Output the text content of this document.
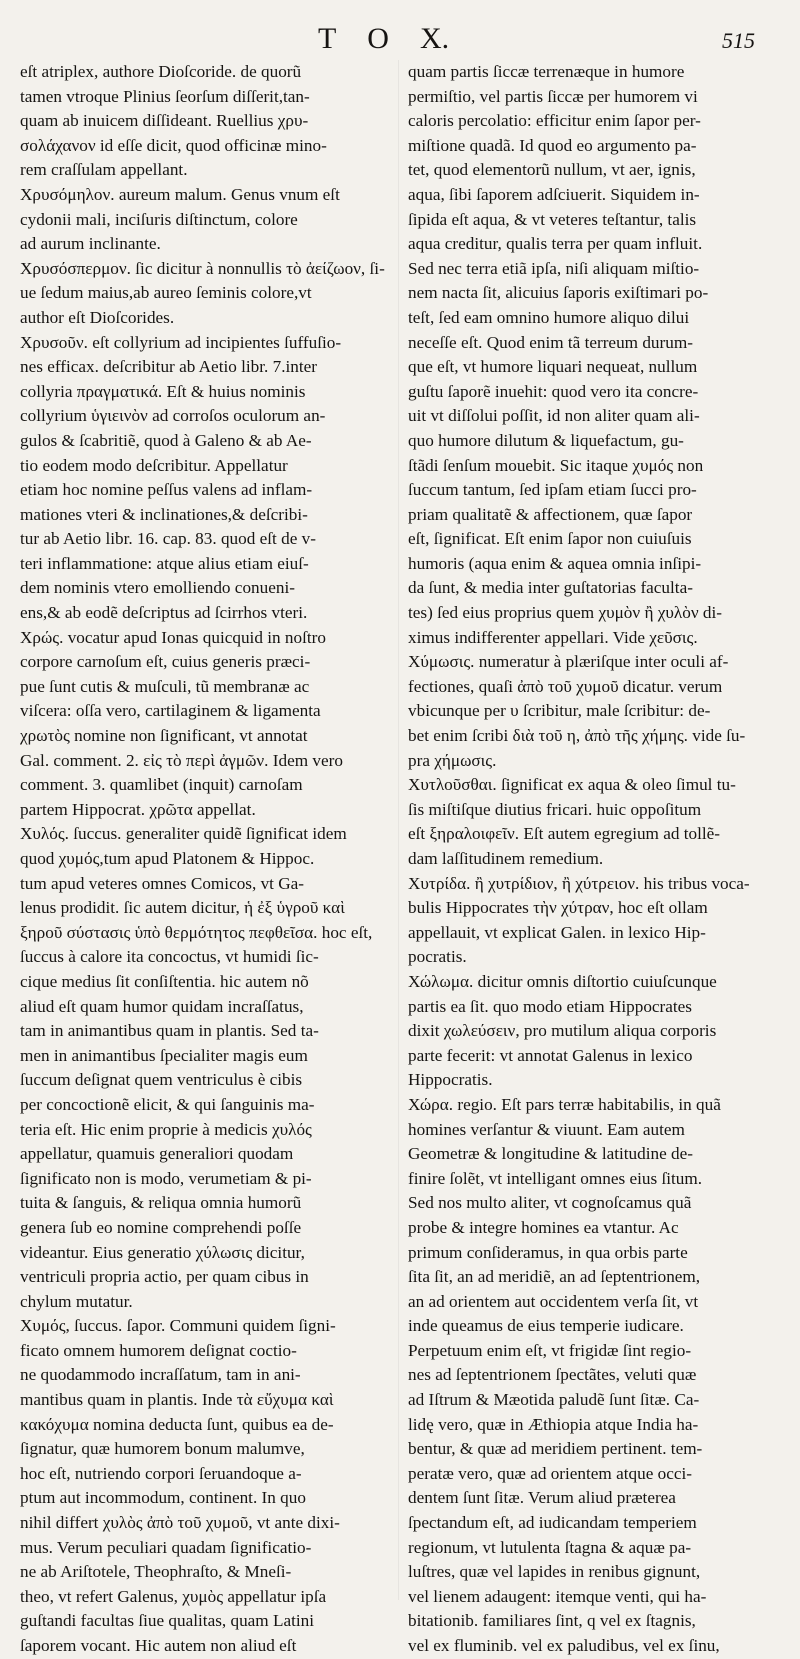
T O X.	515
eſt atriplex, authore Dioſcoride. de quorũ
tamen vtroque Plinius ſeorſum diſſerit,tan-
quam ab inuicem diſſideant. Ruellius χρυ-
σολάχανον id eſſe dicit, quod officinæ mino-
rem craſſulam appellant.
Χρυσόμηλον. aureum malum. Genus vnum eſt
cydonii mali, inciſuris diſtinctum, colore
ad aurum inclinante.
Χρυσόσπερμον. ſic dicitur à nonnullis τὸ ἀείζωον, ſi-
ue ſedum maius,ab aureo ſeminis colore,vt
author eſt Dioſcorides.
Χρυσοῦν. eſt collyrium ad incipientes ſuffuſio-
nes efficax. deſcribitur ab Aetio libr. 7.inter
collyria πραγματικά. Eſt & huius nominis
collyrium ὑγιεινὸν ad corroſos oculorum an-
gulos & ſcabritiẽ, quod à Galeno & ab Ae-
tio eodem modo deſcribitur. Appellatur
etiam hoc nomine peſſus valens ad inflam-
mationes vteri & inclinationes,& deſcribi-
tur ab Aetio libr. 16. cap. 83. quod eſt de v-
teri inflammatione: atque alius etiam eiuſ-
dem nominis vtero emolliendo conueni-
ens,& ab eodẽ deſcriptus ad ſcirrhos vteri.
Χρώς. vocatur apud Ionas quicquid in noſtro
corpore carnoſum eſt, cuius generis præci-
pue ſunt cutis & muſculi, tũ membranæ ac
viſcera: oſſa vero, cartilaginem & ligamenta
χρωτὸς nomine non ſignificant, vt annotat
Gal. comment. 2. εἰς τὸ περὶ ἀγμῶν. Idem vero
comment. 3. quamlibet (inquit) carnoſam
partem Hippocrat. χρῶτα appellat.
Χυλός. ſuccus. generaliter quidẽ ſignificat idem
quod χυμός,tum apud Platonem & Hippoc.
tum apud veteres omnes Comicos, vt Ga-
lenus prodidit. ſic autem dicitur, ἡ ἐξ ὑγροῦ καὶ
ξηροῦ σύστασις ὑπὸ θερμότητος πεφθεῖσα. hoc eſt,
ſuccus à calore ita concoctus, vt humidi ſic-
cique medius ſit conſiſtentia. hic autem nõ
aliud eſt quam humor quidam incraſſatus,
tam in animantibus quam in plantis. Sed ta-
men in animantibus ſpecialiter magis eum
ſuccum deſignat quem ventriculus è cibis
per concoctionẽ elicit, & qui ſanguinis ma-
teria eſt. Hic enim proprie à medicis χυλός
appellatur, quamuis generaliori quodam
ſignificato non is modo, verumetiam & pi-
tuita & ſanguis, & reliqua omnia humorũ
genera ſub eo nomine comprehendi poſſe
videantur. Eius generatio χύλωσις dicitur,
ventriculi propria actio, per quam cibus in
chylum mutatur.
Χυμός, ſuccus. ſapor. Communi quidem ſigni-
ficato omnem humorem deſignat coctio-
ne quodammodo incraſſatum, tam in ani-
mantibus quam in plantis. Inde τὰ εὔχυμα καὶ
κακόχυμα nomina deducta ſunt, quibus ea de-
ſignatur, quæ humorem bonum malumve,
hoc eſt, nutriendo corpori ſeruandoque a-
ptum aut incommodum, continent. In quo
nihil differt χυλὸς ἀπὸ τοῦ χυμοῦ, vt ante dixi-
mus. Verum peculiari quadam ſignificatio-
ne ab Ariſtotele, Theophraſto, & Mneſi-
theo, vt refert Galenus, χυμὸς appellatur ipſa
guſtandi facultas ſiue qualitas, quam Latini
ſaporem vocant. Hic autem non aliud eſt
quam partis ſiccæ terrenæque in humore
permiſtio, vel partis ſiccæ per humorem vi
caloris percolatio: efficitur enim ſapor per-
miſtione quadã. Id quod eo argumento pa-
tet, quod elementorũ nullum, vt aer, ignis,
aqua, ſibi ſaporem adſciuerit. Siquidem in-
ſipida eſt aqua, & vt veteres teſtantur, talis
aqua creditur, qualis terra per quam influit.
Sed nec terra etiã ipſa, niſi aliquam miſtio-
nem nacta ſit, alicuius ſaporis exiſtimari po-
teſt, ſed eam omnino humore aliquo dilui
neceſſe eſt. Quod enim tã terreum durum-
que eſt, vt humore liquari nequeat, nullum
guſtu ſaporẽ inuehit: quod vero ita concre-
uit vt diſſolui poſſit, id non aliter quam ali-
quo humore dilutum & liquefactum, gu-
ſtãdi ſenſum mouebit. Sic itaque χυμός non
ſuccum tantum, ſed ipſam etiam ſucci pro-
priam qualitatẽ & affectionem, quæ ſapor
eſt, ſignificat. Eſt enim ſapor non cuiuſuis
humoris (aqua enim & aqueа omnia inſipi-
da ſunt, & media inter guſtatorias faculta-
tes) ſed eius proprius quem χυμὸν ἢ χυλὸν di-
ximus indifferenter appellari. Vide χεῦσις.
Χύμωσις. numeratur à plæriſque inter oculi af-
fectiones, quaſi ἀπὸ τοῦ χυμοῦ dicatur. verum
vbicunque per υ ſcribitur, male ſcribitur: de-
bet enim ſcribi διὰ τοῦ η, ἀπὸ τῆς χήμης. vide ſu-
pra χήμωσις.
Χυτλοῦσθαι. ſignificat ex aqua & oleo ſimul tu-
ſis miſtiſque diutius fricari. huic oppoſitum
eſt ξηραλοιφεῖν. Eſt autem egregium ad tollẽ-
dam laſſitudinem remedium.
Χυτρίδα. ἢ χυτρίδιον, ἢ χύτρειον. his tribus voca-
bulis Hippocrates τὴν χύτραν, hoc eſt ollam
appellauit, vt explicat Galen. in lexico Hip-
pocratis.
Χώλωμα. dicitur omnis diſtortio cuiuſcunque
partis ea ſit. quo modo etiam Hippocrates
dixit χωλεύσειν, pro mutilum aliqua corporis
parte fecerit: vt annotat Galenus in lexico
Hippocratis.
Χώρα. regio. Eſt pars terræ habitabilis, in quã
homines verſantur & viuunt. Eam autem
Geometræ & longitudine & latitudine de-
finire ſolẽt, vt intelligant omnes eius ſitum.
Sed nos multo aliter, vt cognoſcamus quã
probe & integre homines ea vtantur. Ac
primum conſideramus, in qua orbis parte
ſita ſit, an ad meridiẽ, an ad ſeptentrionem,
an ad orientem aut occidentem verſa ſit, vt
inde queamus de eius temperie iudicare.
Perpetuum enim eſt, vt frigidæ ſint regio-
nes ad ſeptentrionem ſpectãtes, veluti quæ
ad Iſtrum & Mæotida paludẽ ſunt ſitæ. Ca-
lidę vero, quæ in Æthiopia atque India ha-
bentur, & quæ ad meridiem pertinent. tem-
peratæ vero, quæ ad orientem atque occi-
dentem ſunt ſitæ. Verum aliud præterea
ſpectandum eſt, ad iudicandam temperiem
regionum, vt lutulenta ſtagna & aquæ pa-
luſtres, quæ vel lapides in renibus gignunt,
vel lienem adaugent: itemque venti, qui ha-
bitationib. familiares ſint, q vel ex ſtagnis,
vel ex fluminib. vel ex paludibus, vel ex ſinu,
